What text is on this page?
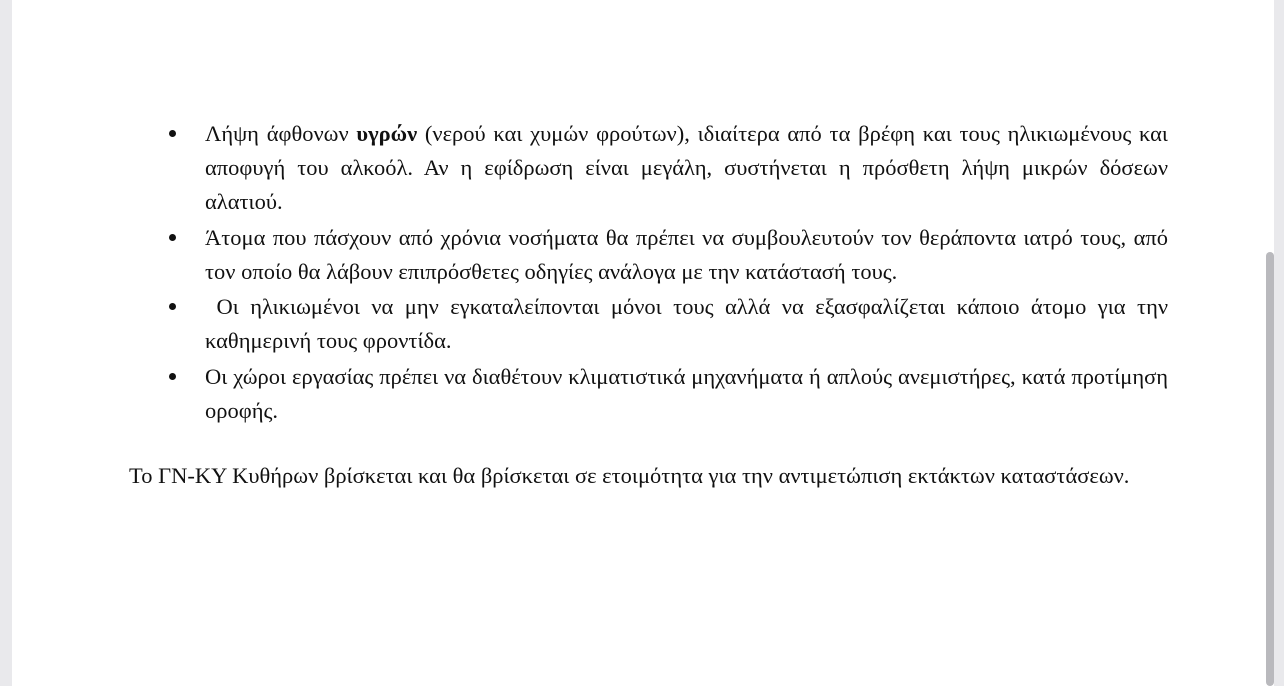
Λήψη άφθονων υγρών (νερού και χυμών φρούτων), ιδιαίτερα από τα βρέφη και τους ηλικιωμένους και αποφυγή του αλκοόλ. Αν η εφίδρωση είναι μεγάλη, συστήνεται η πρόσθετη λήψη μικρών δόσεων αλατιού.

Άτομα που πάσχουν από χρόνια νοσήματα θα πρέπει να συμβουλευτούν τον θεράποντα ιατρό τους, από τον οποίο θα λάβουν επιπρόσθετες οδηγίες ανάλογα με την κατάστασή τους.

Οι ηλικιωμένοι να μην εγκαταλείπονται μόνοι τους αλλά να εξασφαλίζεται κάποιο άτομο για την καθημερινή τους φροντίδα.

Οι χώροι εργασίας πρέπει να διαθέτουν κλιματιστικά μηχανήματα ή απλούς ανεμιστήρες, κατά προτίμηση οροφής.

Το ΓΝ-ΚΥ Κυθήρων βρίσκεται και θα βρίσκεται σε ετοιμότητα για την αντιμετώπιση εκτάκτων καταστάσεων.
